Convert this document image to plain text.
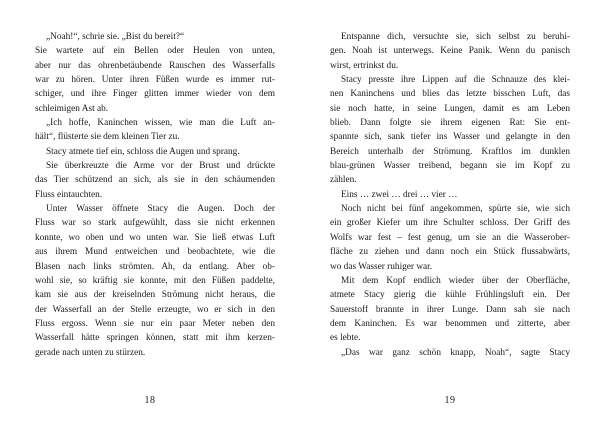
„Noah!“, schrie sie. „Bist du bereit?“
Sie wartete auf ein Bellen oder Heulen von unten,
aber nur das ohrenbetäubende Rauschen des Wasserfalls
war zu hören. Unter ihren Füßen wurde es immer rut-
schiger, und ihre Finger glitten immer wieder von dem
schleimigen Ast ab.
„Ich hoffe, Kaninchen wissen, wie man die Luft an-
hält“, flüsterte sie dem kleinen Tier zu.
Stacy atmete tief ein, schloss die Augen und sprang.
Sie überkreuzte die Arme vor der Brust und drückte
das Tier schützend an sich, als sie in den schäumenden
Fluss eintauchten.
Unter Wasser öffnete Stacy die Augen. Doch der
Fluss war so stark aufgewühlt, dass sie nicht erkennen
konnte, wo oben und wo unten war. Sie ließ etwas Luft
aus ihrem Mund entweichen und beobachtete, wie die
Blasen nach links strömten. Ah, da entlang. Aber ob-
wohl sie, so kräftig sie konnte, mit den Füßen paddelte,
kam sie aus der kreiselnden Strömung nicht heraus, die
der Wasserfall an der Stelle erzeugte, wo er sich in den
Fluss ergoss. Wenn sie nur ein paar Meter neben den
Wasserfall hätte springen können, statt mit ihm kerzen-
gerade nach unten zu stürzen.
18
Entspanne dich, versuchte sie, sich selbst zu beruhi-
gen. Noah ist unterwegs. Keine Panik. Wenn du panisch
wirst, ertrinkst du.
Stacy presste ihre Lippen auf die Schnauze des klei-
nen Kaninchens und blies das letzte bisschen Luft, das
sie noch hatte, in seine Lungen, damit es am Leben
blieb. Dann folgte sie ihrem eigenen Rat: Sie ent-
spannte sich, sank tiefer ins Wasser und gelangte in den
Bereich unterhalb der Strömung. Kraftlos im dunklen
blau-grünen Wasser treibend, begann sie im Kopf zu
zählen.
Eins … zwei … drei … vier …
Noch nicht bei fünf angekommen, spürte sie, wie sich
ein großer Kiefer um ihre Schulter schloss. Der Griff des
Wolfs war fest – fest genug, um sie an die Wasserober-
fläche zu ziehen und dann noch ein Stück flussabwärts,
wo das Wasser ruhiger war.
Mit dem Kopf endlich wieder über der Oberfläche,
atmete Stacy gierig die kühle Frühlingsluft ein. Der
Sauerstoff brannte in ihrer Lunge. Dann sah sie nach
dem Kaninchen. Es war benommen und zitterte, aber
es lebte.
„Das war ganz schön knapp, Noah“, sagte Stacy
19
